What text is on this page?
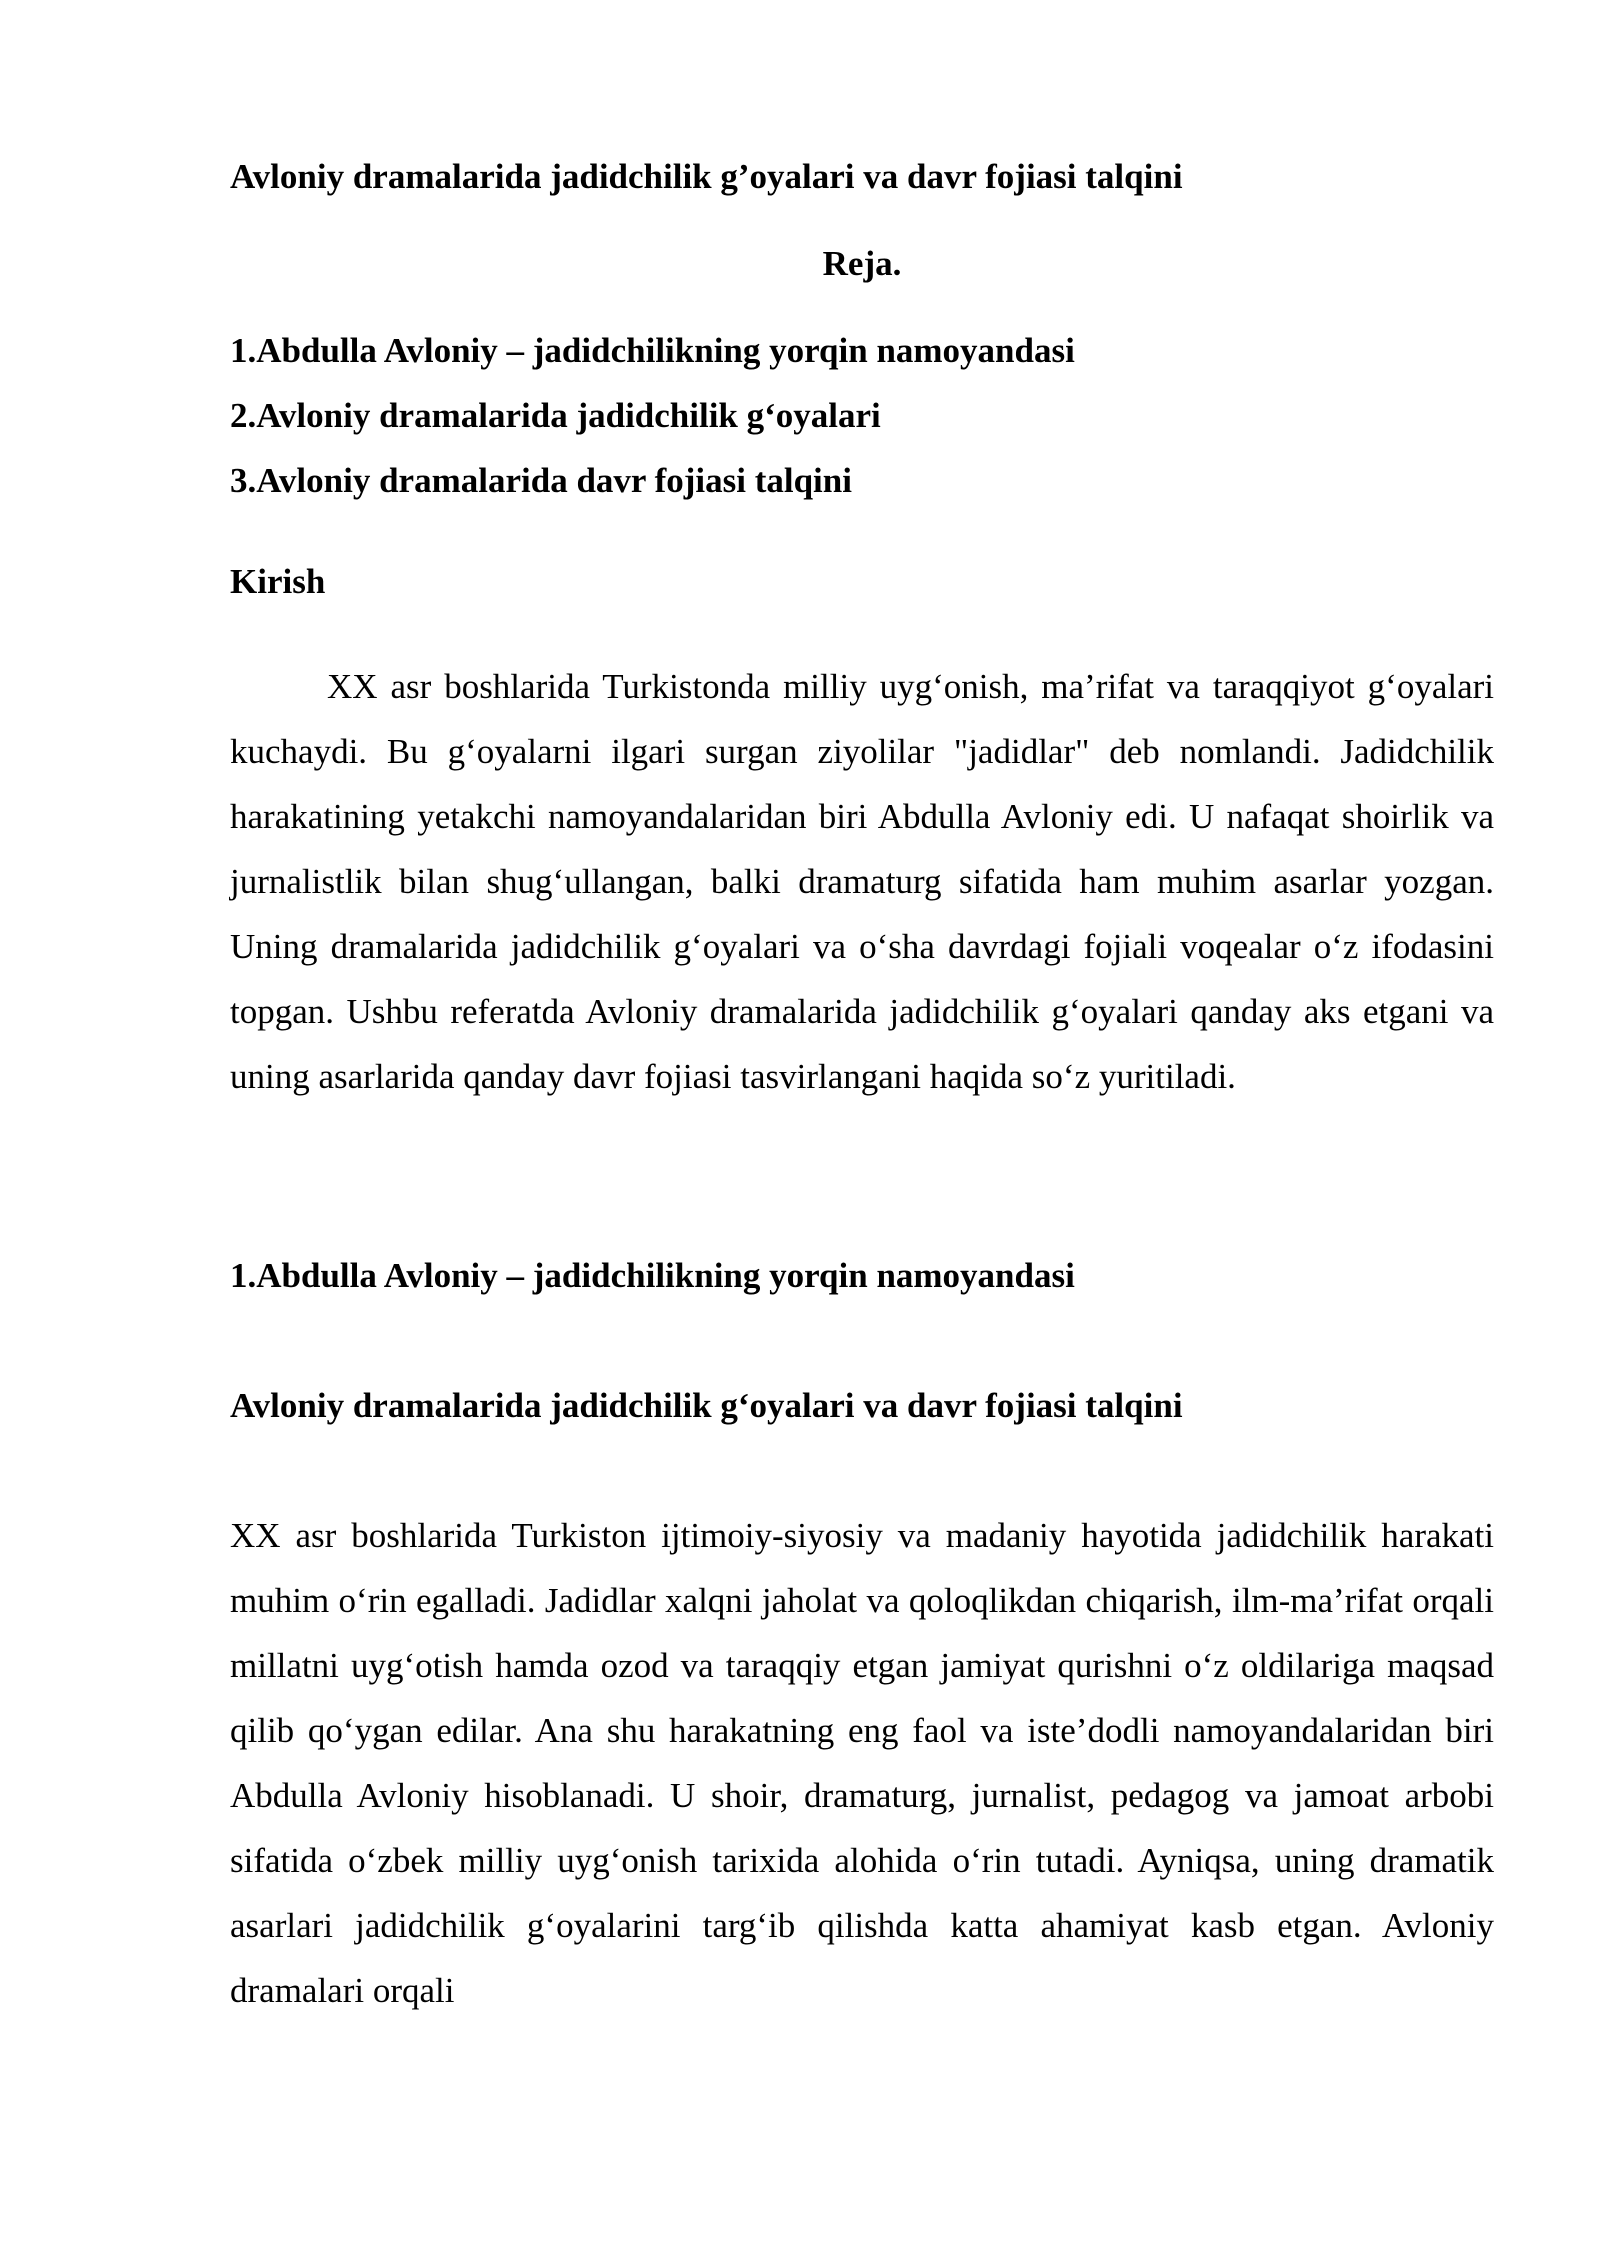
Avloniy dramalarida jadidchilik g’oyalari va davr fojiasi talqini

Reja.

1.Abdulla Avloniy – jadidchilikning yorqin namoyandasi
2.Avloniy dramalarida jadidchilik g‘oyalari
3.Avloniy dramalarida davr fojiasi talqini

Kirish

XX asr boshlarida Turkistonda milliy uyg‘onish, ma’rifat va taraqqiyot g‘oyalari kuchaydi. Bu g‘oyalarni ilgari surgan ziyolilar "jadidlar" deb nomlandi. Jadidchilik harakatining yetakchi namoyandalaridan biri Abdulla Avloniy edi. U nafaqat shoirlik va jurnalistlik bilan shug‘ullangan, balki dramaturg sifatida ham muhim asarlar yozgan. Uning dramalarida jadidchilik g‘oyalari va o‘sha davrdagi fojiali voqealar o‘z ifodasini topgan. Ushbu referatda Avloniy dramalarida jadidchilik g‘oyalari qanday aks etgani va uning asarlarida qanday davr fojiasi tasvirlangani haqida so‘z yuritiladi.

1.Abdulla Avloniy – jadidchilikning yorqin namoyandasi

Avloniy dramalarida jadidchilik g‘oyalari va davr fojiasi talqini

XX asr boshlarida Turkiston ijtimoiy-siyosiy va madaniy hayotida jadidchilik harakati muhim o‘rin egalladi. Jadidlar xalqni jaholat va qoloqlikdan chiqarish, ilm-ma’rifat orqali millatni uyg‘otish hamda ozod va taraqqiy etgan jamiyat qurishni o‘z oldilariga maqsad qilib qo‘ygan edilar. Ana shu harakatning eng faol va iste’dodli namoyandalaridan biri Abdulla Avloniy hisoblanadi. U shoir, dramaturg, jurnalist, pedagog va jamoat arbobi sifatida o‘zbek milliy uyg‘onish tarixida alohida o‘rin tutadi. Ayniqsa, uning dramatik asarlari jadidchilik g‘oyalarini targ‘ib qilishda katta ahamiyat kasb etgan. Avloniy dramalari orqali
